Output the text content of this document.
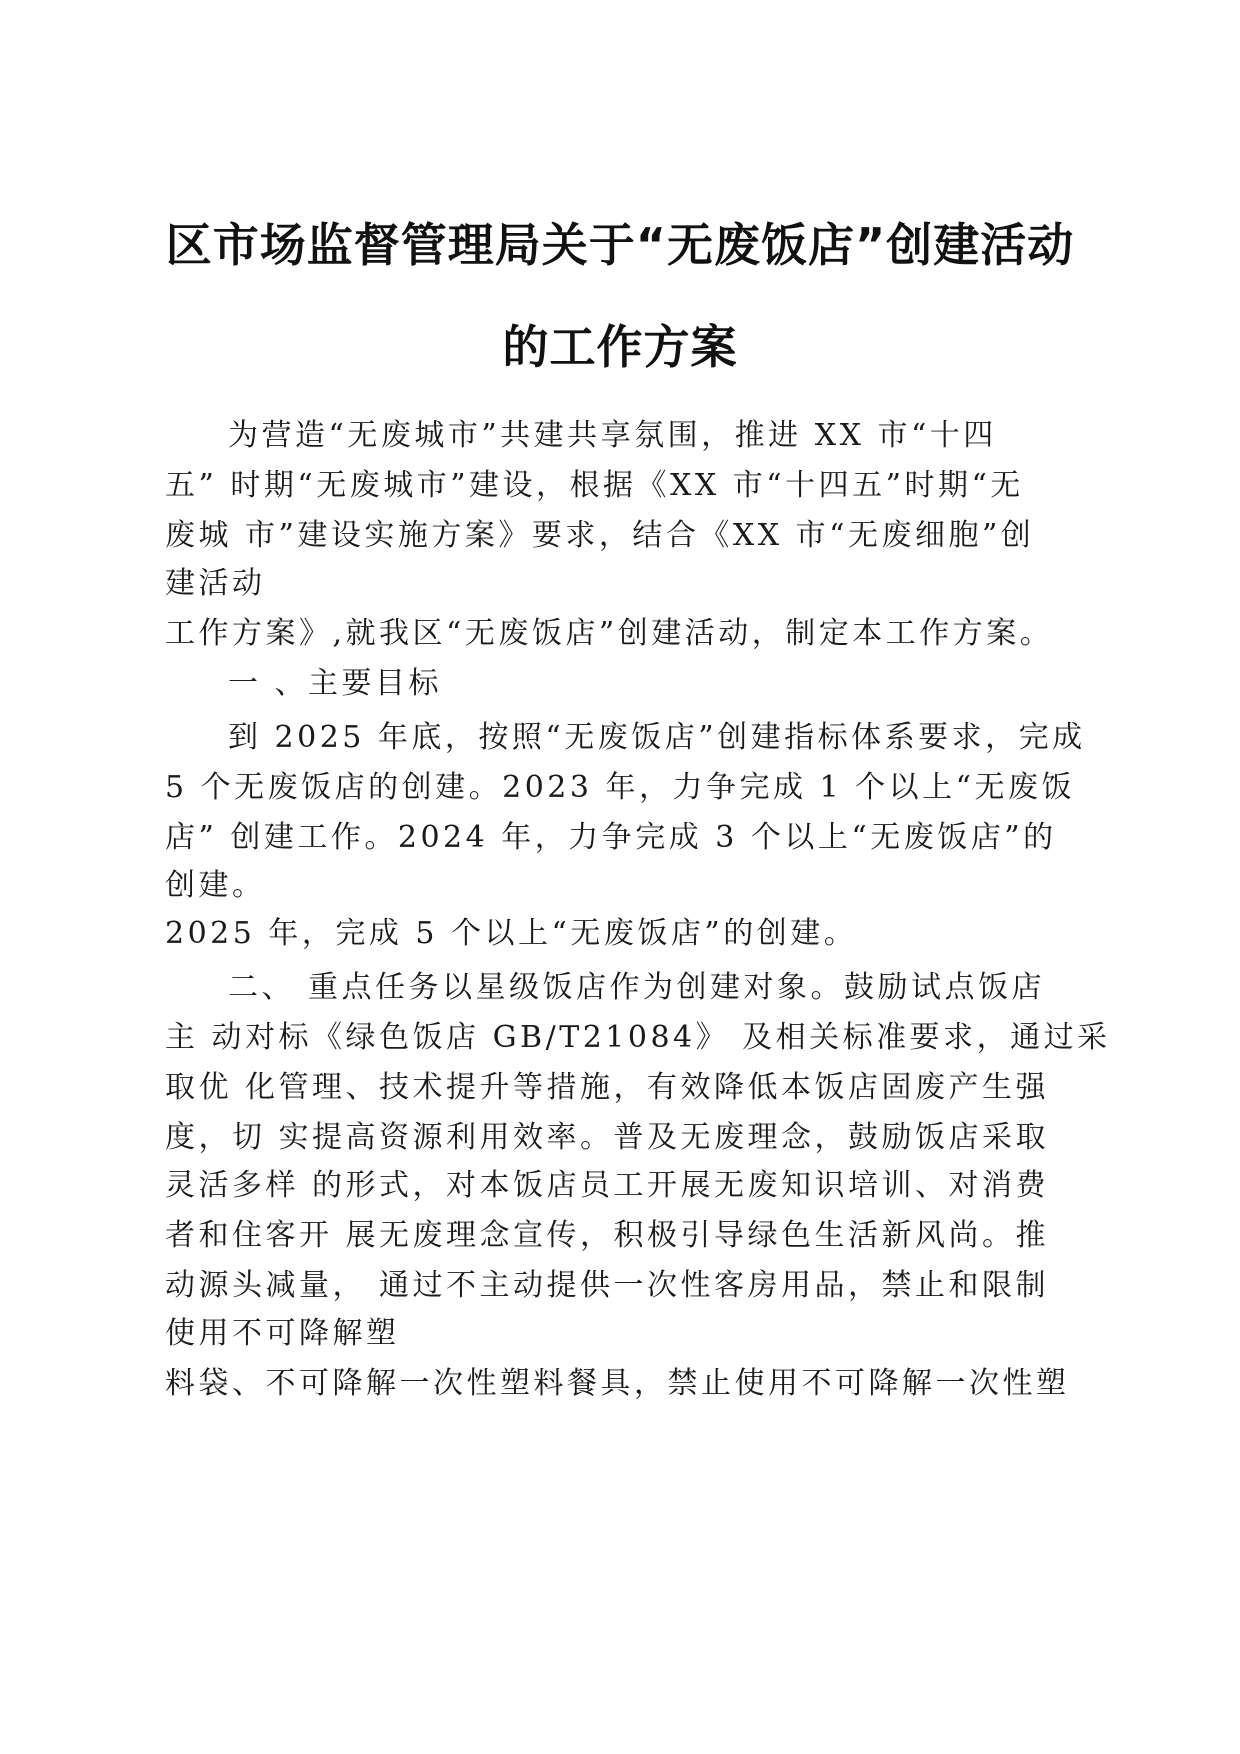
区市场监督管理局关于“无废饭店”创建活动
的工作方案
为营造“无废城市”共建共享氛围，推进 XX 市“十四
五” 时期“无废城市”建设，根据《XX 市“十四五”时期“无
废城 市”建设实施方案》要求，结合《XX 市“无废细胞”创
建活动
工作方案》,就我区“无废饭店”创建活动，制定本工作方案。
一 、主要目标
到 2025 年底，按照“无废饭店”创建指标体系要求，完成
5 个无废饭店的创建。2023 年，力争完成 1 个以上“无废饭
店” 创建工作。2024 年，力争完成 3 个以上“无废饭店”的
创建。
2025 年，完成 5 个以上“无废饭店”的创建。
二、 重点任务以星级饭店作为创建对象。鼓励试点饭店
主 动对标《绿色饭店 GB/T21084》 及相关标准要求，通过采
取优 化管理、技术提升等措施，有效降低本饭店固废产生强
度，切 实提高资源利用效率。普及无废理念，鼓励饭店采取
灵活多样 的形式，对本饭店员工开展无废知识培训、对消费
者和住客开 展无废理念宣传，积极引导绿色生活新风尚。推
动源头减量， 通过不主动提供一次性客房用品，禁止和限制
使用不可降解塑
料袋、不可降解一次性塑料餐具，禁止使用不可降解一次性塑
